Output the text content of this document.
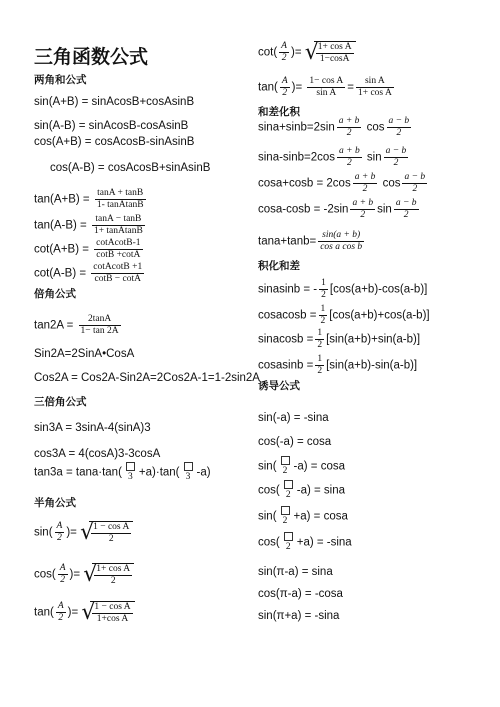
三角函数公式
两角和公式
sin(A+B) = sinAcosB+cosAsinB
sin(A-B) = sinAcosB-cosAsinB
cos(A+B) = cosAcosB-sinAsinB
cos(A-B) = cosAcosB+sinAsinB
$\tan(A+B) = \frac{\tan A + \tan B}{\text{1- tanAtanB}}$
$\tan(A-B) = \frac{\tan A - \tan B}{\text{1+ tanAtanB}}$
$\cot(A+B) = \frac{\text{cotAcotB-1}}{\cot B +\cot A}$
$\cot(A-B) = \frac{\text{cotAcotB +1}}{\cot B - \cot A}$
倍角公式
$\tan 2A = \frac{2\tan A}{1- \tan 2A}$
Sin2A=2SinA•CosA
Cos2A = Cos2A-Sin2A=2Cos2A-1=1-2sin2A
三倍角公式
sin3A = 3sinA-4(sinA)3
cos3A = 4(cosA)3-3cosA
tan3a = tana·tan( 3 +a)·tan( 3 -a)
半角公式
$\sin( \frac{A}{2}$ )= √
$\frac{\text{1 − cos A}}{2}$
$\cos( \frac{A}{2}$ )= √
$\frac{\text{1+ cos A}}{2}$
$\tan( \frac{A}{2}$ )= √
$\frac{\text{1 − cos A}}{\text{1+cos A}}$
$\cot( \frac{A}{2}$ )= √
$\frac{\text{1+ cos A}}{1-\cos A}$
$\tan( \frac{A}{2}$ )= $\frac{\text{1− cos A}}{\text{sin A}} = \frac{\text{sin A}}{\text{1+ cos A}}$
和差化积
$\sin a+\sin b=2\sin \frac{a + b}{2}$ $\cos \frac{a - b}{2}$
$\sin a-\sin b=2\cos \frac{a + b}{2}$ $\sin \frac{a - b}{2}$
$\cos a+\cos b = 2\cos \frac{a + b}{2}$ $\cos \frac{a - b}{2}$
$\cos a-\cos b = -2\sin \frac{a + b}{2}$ $\sin \frac{a - b}{2}$
$\tan a+\tan b= \frac{\sin(a + b)}{\text{cos a cos b}}$
积化和差
sinasinb = - $\frac{1}{2} [\cos(a+b)-\cos(a-b)]$
cosacosb = $\frac{1}{2} [\cos(a+b)+\cos(a-b)]$
sinacosb = $\frac{1}{2} [\sin(a+b)+\sin(a-b)]$
cosasinb = $\frac{1}{2} [\sin(a+b)-\sin(a-b)]$
诱导公式
sin(-a) = -sina
cos(-a) = cosa
sin( 2 -a) = cosa
cos( 2 -a) = sina
sin( 2 +a) = cosa
cos( 2 +a) = -sina
sin(π-a) = sina
cos(π-a) = -cosa
sin(π+a) = -sina
